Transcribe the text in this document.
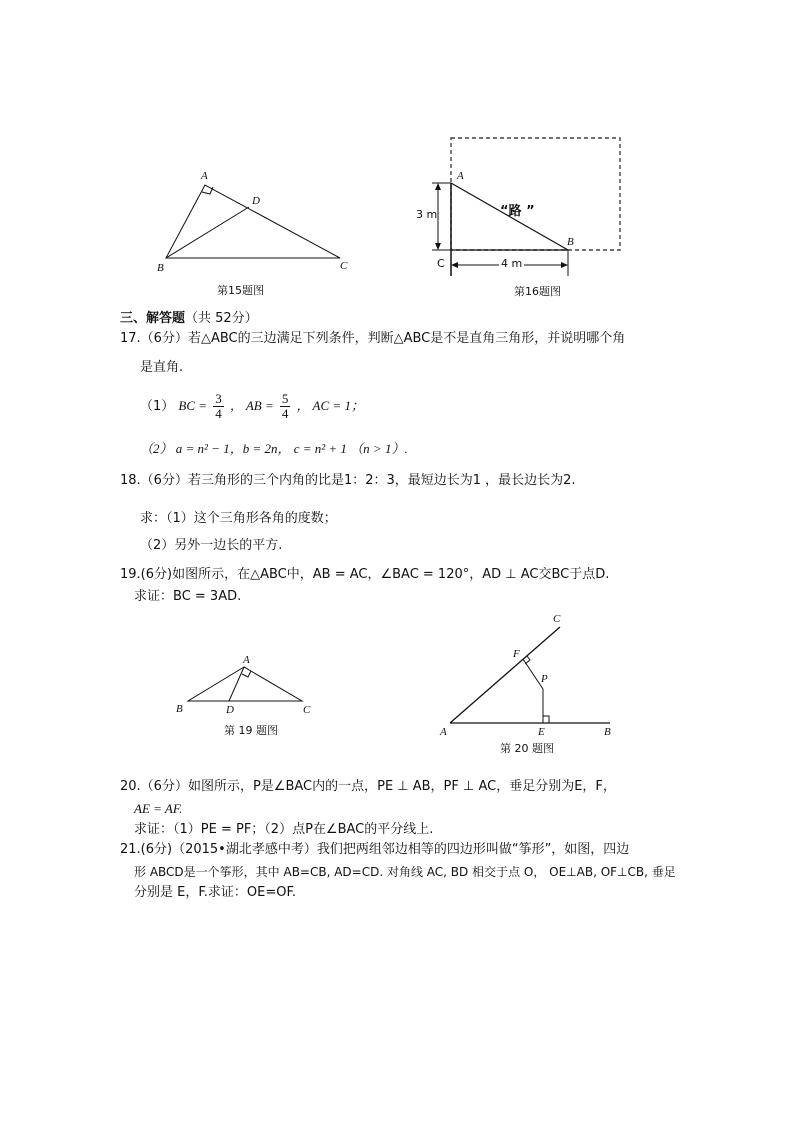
A
D
B	C
第15题图
A
B
C
3 m
4 m
“路 ”
第16题图
三、解答题（共 52分）
17.（6分）若△ABC的三边满足下列条件，判断△ABC是不是直角三角形，并说明哪个角
是直角.
（1） BC = $\frac{3}{4}$ ， AB = $\frac{5}{4}$ ， AC = 1；
（2） a = n² − 1，b = 2n， c = n² + 1 （n > 1）.
18.（6分）若三角形的三个内角的比是1：2：3，最短边长为1 ，最长边长为2.
求：（1）这个三角形各角的度数；
（2）另外一边长的平方.
19.(6分)如图所示，在△ABC中，AB = AC，∠BAC = 120°，AD ⊥ AC交BC于点D.
求证：BC = 3AD.
A
B	D	C
第 19 题图
C
F
P
A	E	B
第 20 题图
20.（6分）如图所示，P是∠BAC内的一点，PE ⊥ AB，PF ⊥ AC，垂足分别为E，F，
AE = AF.
求证：（1）PE = PF；（2）点P在∠BAC的平分线上.
21.(6分)（2015•湖北孝感中考）我们把两组邻边相等的四边形叫做“筝形”，如图，四边
形 ABCD是一个筝形，其中 AB=CB, AD=CD. 对角线 AC, BD 相交于点 O， OE⊥AB, OF⊥CB, 垂足
分别是 E，F.求证：OE=OF.
